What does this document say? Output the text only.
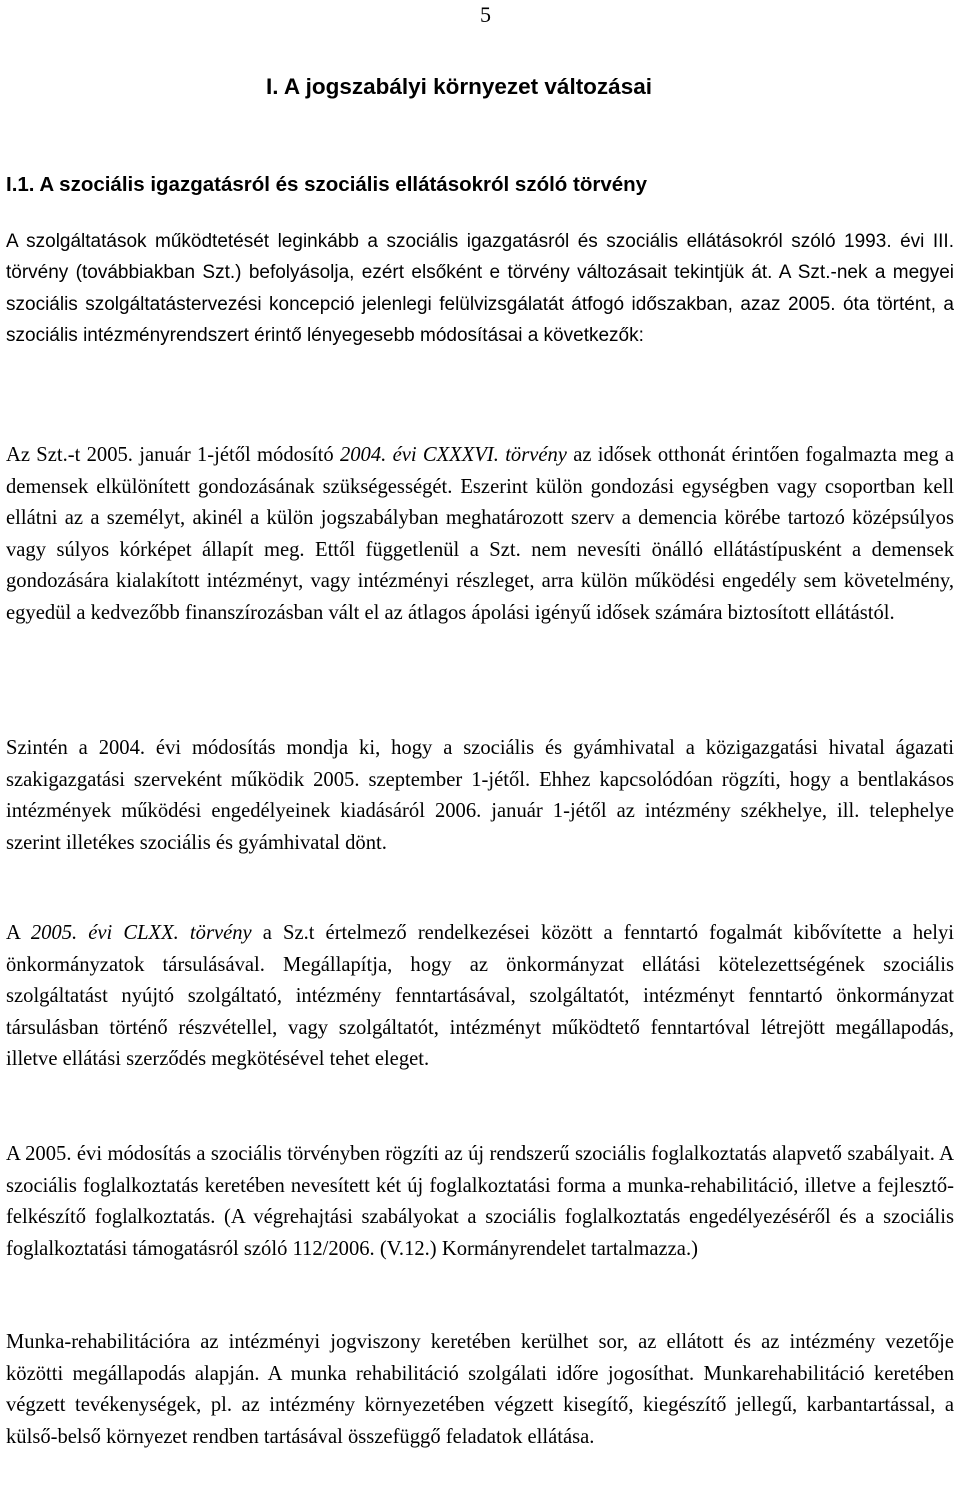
5
I. A jogszabályi környezet változásai
I.1. A szociális igazgatásról és szociális ellátásokról szóló törvény

A szolgáltatások működtetését leginkább a szociális igazgatásról és szociális ellátásokról szóló 1993. évi III. törvény (továbbiakban Szt.) befolyásolja, ezért elsőként e törvény változásait tekintjük át. A Szt.-nek a megyei szociális szolgáltatástervezési koncepció jelenlegi felülvizsgálatát átfogó időszakban, azaz 2005. óta történt, a szociális intézményrendszert érintő lényegesebb módosításai a következők:

Az Szt.-t 2005. január 1-jétől módosító 2004. évi CXXXVI. törvény az idősek otthonát érintően fogalmazta meg a demensek elkülönített gondozásának szükségességét. Eszerint külön gondozási egységben vagy csoportban kell ellátni az a személyt, akinél a külön jogszabályban meghatározott szerv a demencia körébe tartozó középsúlyos vagy súlyos kórképet állapít meg. Ettől függetlenül a Szt. nem nevesíti önálló ellátástípusként a demensek gondozására kialakított intézményt, vagy intézményi részleget, arra külön működési engedély sem követelmény, egyedül a kedvezőbb finanszírozásban vált el az átlagos ápolási igényű idősek számára biztosított ellátástól.

Szintén a 2004. évi módosítás mondja ki, hogy a szociális és gyámhivatal a közigazgatási hivatal ágazati szakigazgatási szerveként működik 2005. szeptember 1-jétől. Ehhez kapcsolódóan rögzíti, hogy a bentlakásos intézmények működési engedélyeinek kiadásáról 2006. január 1-jétől az intézmény székhelye, ill. telephelye szerint illetékes szociális és gyámhivatal dönt.

A 2005. évi CLXX. törvény a Sz.t értelmező rendelkezései között a fenntartó fogalmát kibővítette a helyi önkormányzatok társulásával. Megállapítja, hogy az önkormányzat ellátási kötelezettségének szociális szolgáltatást nyújtó szolgáltató, intézmény fenntartásával, szolgáltatót, intézményt fenntartó önkormányzat társulásban történő részvétellel, vagy szolgáltatót, intézményt működtető fenntartóval létrejött megállapodás, illetve ellátási szerződés megkötésével tehet eleget.

A 2005. évi módosítás a szociális törvényben rögzíti az új rendszerű szociális foglalkoztatás alapvető szabályait. A szociális foglalkoztatás keretében nevesített két új foglalkoztatási forma a munka-rehabilitáció, illetve a fejlesztő-felkészítő foglalkoztatás. (A végrehajtási szabályokat a szociális foglalkoztatás engedélyezéséről és a szociális foglalkoztatási támogatásról szóló 112/2006. (V.12.) Kormányrendelet tartalmazza.)

Munka-rehabilitációra az intézményi jogviszony keretében kerülhet sor, az ellátott és az intézmény vezetője közötti megállapodás alapján. A munka rehabilitáció szolgálati időre jogosíthat. Munkarehabilitáció keretében végzett tevékenységek, pl. az intézmény környezetében végzett kisegítő, kiegészítő jellegű, karbantartással, a külső-belső környezet rendben tartásával összefüggő feladatok ellátása.
